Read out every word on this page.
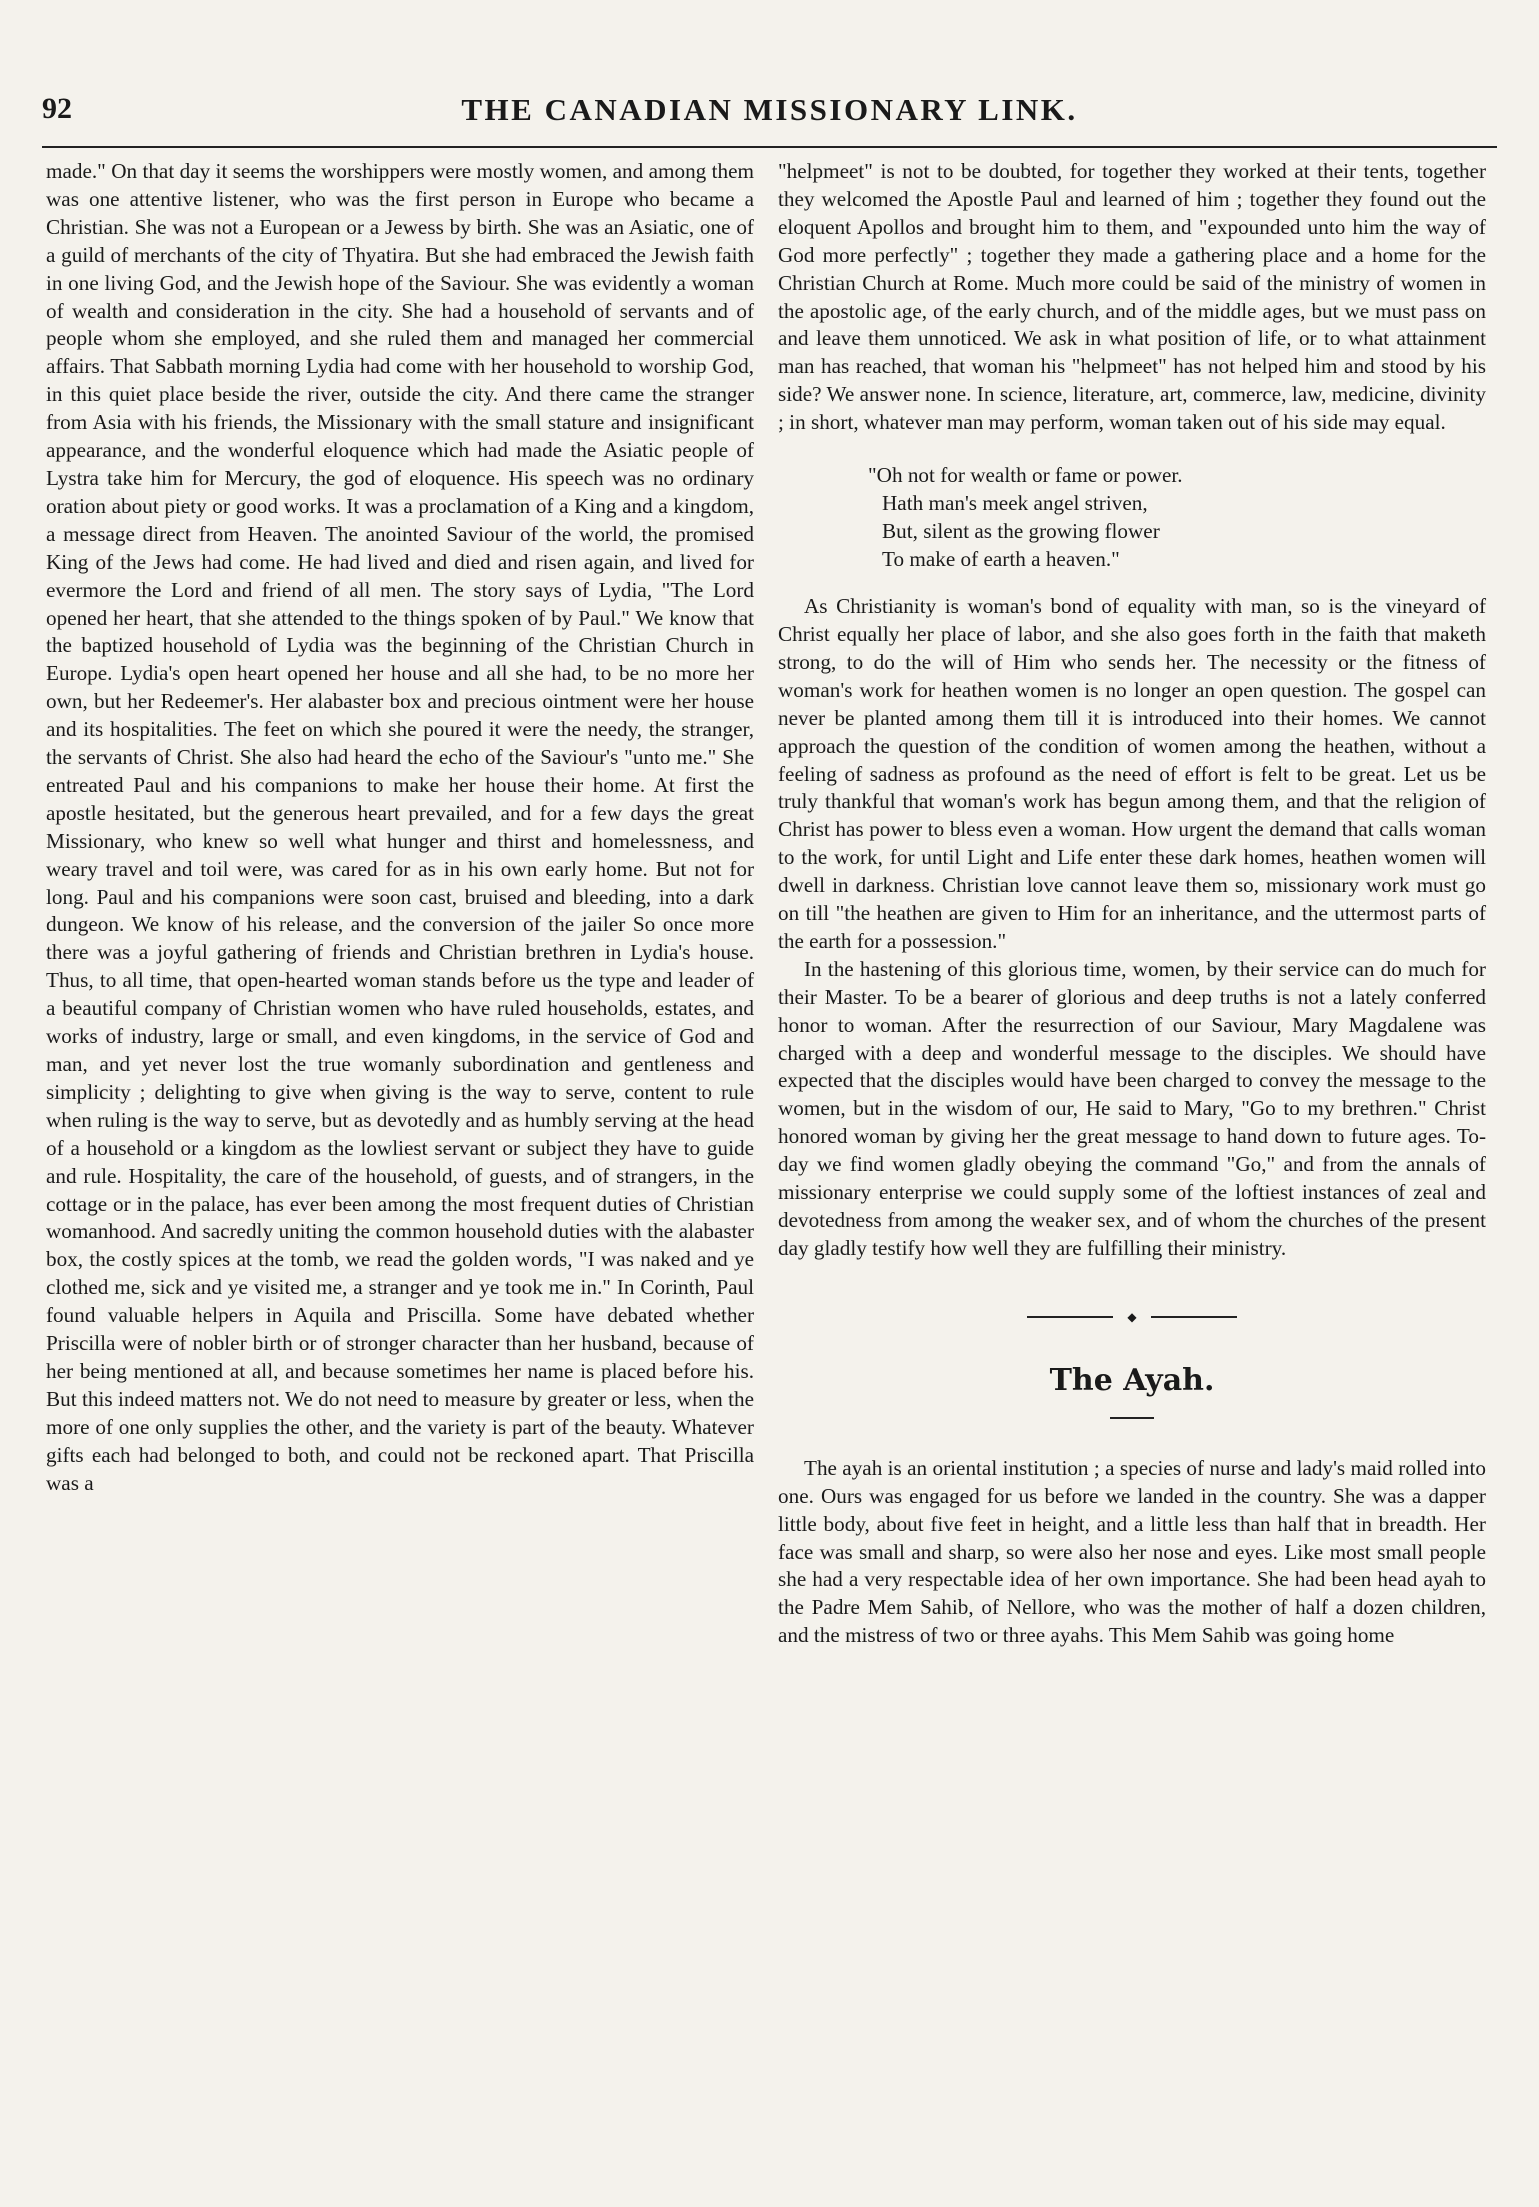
92	THE CANADIAN MISSIONARY LINK.

made." On that day it seems the worshippers were mostly women, and among them was one attentive listener, who was the first person in Europe who became a Christian. She was not a European or a Jewess by birth. She was an Asiatic, one of a guild of merchants of the city of Thyatira. But she had embraced the Jewish faith in one living God, and the Jewish hope of the Saviour. She was evidently a woman of wealth and consideration in the city. She had a household of servants and of people whom she employed, and she ruled them and managed her commercial affairs. That Sabbath morning Lydia had come with her household to worship God, in this quiet place beside the river, outside the city. And there came the stranger from Asia with his friends, the Missionary with the small stature and insignificant appearance, and the wonderful eloquence which had made the Asiatic people of Lystra take him for Mercury, the god of eloquence. His speech was no ordinary oration about piety or good works. It was a proclamation of a King and a kingdom, a message direct from Heaven. The anointed Saviour of the world, the promised King of the Jews had come. He had lived and died and risen again, and lived for evermore the Lord and friend of all men. The story says of Lydia, "The Lord opened her heart, that she attended to the things spoken of by Paul." We know that the baptized household of Lydia was the beginning of the Christian Church in Europe. Lydia's open heart opened her house and all she had, to be no more her own, but her Redeemer's. Her alabaster box and precious ointment were her house and its hospitalities. The feet on which she poured it were the needy, the stranger, the servants of Christ. She also had heard the echo of the Saviour's "unto me." She entreated Paul and his companions to make her house their home. At first the apostle hesitated, but the generous heart prevailed, and for a few days the great Missionary, who knew so well what hunger and thirst and homelessness, and weary travel and toil were, was cared for as in his own early home. But not for long. Paul and his companions were soon cast, bruised and bleeding, into a dark dungeon. We know of his release, and the conversion of the jailer So once more there was a joyful gathering of friends and Christian brethren in Lydia's house. Thus, to all time, that open-hearted woman stands before us the type and leader of a beautiful company of Christian women who have ruled households, estates, and works of industry, large or small, and even kingdoms, in the service of God and man, and yet never lost the true womanly subordination and gentleness and simplicity ; delighting to give when giving is the way to serve, content to rule when ruling is the way to serve, but as devotedly and as humbly serving at the head of a household or a kingdom as the lowliest servant or subject they have to guide and rule. Hospitality, the care of the household, of guests, and of strangers, in the cottage or in the palace, has ever been among the most frequent duties of Christian womanhood. And sacredly uniting the common household duties with the alabaster box, the costly spices at the tomb, we read the golden words, "I was naked and ye clothed me, sick and ye visited me, a stranger and ye took me in." In Corinth, Paul found valuable helpers in Aquila and Priscilla. Some have debated whether Priscilla were of nobler birth or of stronger character than her husband, because of her being mentioned at all, and because sometimes her name is placed before his. But this indeed matters not. We do not need to measure by greater or less, when the more of one only supplies the other, and the variety is part of the beauty. Whatever gifts each had belonged to both, and could not be reckoned apart. That Priscilla was a

"helpmeet" is not to be doubted, for together they worked at their tents, together they welcomed the Apostle Paul and learned of him ; together they found out the eloquent Apollos and brought him to them, and "expounded unto him the way of God more perfectly" ; together they made a gathering place and a home for the Christian Church at Rome. Much more could be said of the ministry of women in the apostolic age, of the early church, and of the middle ages, but we must pass on and leave them unnoticed. We ask in what position of life, or to what attainment man has reached, that woman his "helpmeet" has not helped him and stood by his side? We answer none. In science, literature, art, commerce, law, medicine, divinity ; in short, whatever man may perform, woman taken out of his side may equal.

"Oh not for wealth or fame or power.
Hath man's meek angel striven,
But, silent as the growing flower
To make of earth a heaven."

As Christianity is woman's bond of equality with man, so is the vineyard of Christ equally her place of labor, and she also goes forth in the faith that maketh strong, to do the will of Him who sends her. The necessity or the fitness of woman's work for heathen women is no longer an open question. The gospel can never be planted among them till it is introduced into their homes. We cannot approach the question of the condition of women among the heathen, without a feeling of sadness as profound as the need of effort is felt to be great. Let us be truly thankful that woman's work has begun among them, and that the religion of Christ has power to bless even a woman. How urgent the demand that calls woman to the work, for until Light and Life enter these dark homes, heathen women will dwell in darkness. Christian love cannot leave them so, missionary work must go on till "the heathen are given to Him for an inheritance, and the uttermost parts of the earth for a possession."

In the hastening of this glorious time, women, by their service can do much for their Master. To be a bearer of glorious and deep truths is not a lately conferred honor to woman. After the resurrection of our Saviour, Mary Magdalene was charged with a deep and wonderful message to the disciples. We should have expected that the disciples would have been charged to convey the message to the women, but in the wisdom of our, He said to Mary, "Go to my brethren." Christ honored woman by giving her the great message to hand down to future ages. To-day we find women gladly obeying the command "Go," and from the annals of missionary enterprise we could supply some of the loftiest instances of zeal and devotedness from among the weaker sex, and of whom the churches of the present day gladly testify how well they are fulfilling their ministry.

◆
The Ayah.

The ayah is an oriental institution ; a species of nurse and lady's maid rolled into one. Ours was engaged for us before we landed in the country. She was a dapper little body, about five feet in height, and a little less than half that in breadth. Her face was small and sharp, so were also her nose and eyes. Like most small people she had a very respectable idea of her own importance. She had been head ayah to the Padre Mem Sahib, of Nellore, who was the mother of half a dozen children, and the mistress of two or three ayahs. This Mem Sahib was going home
